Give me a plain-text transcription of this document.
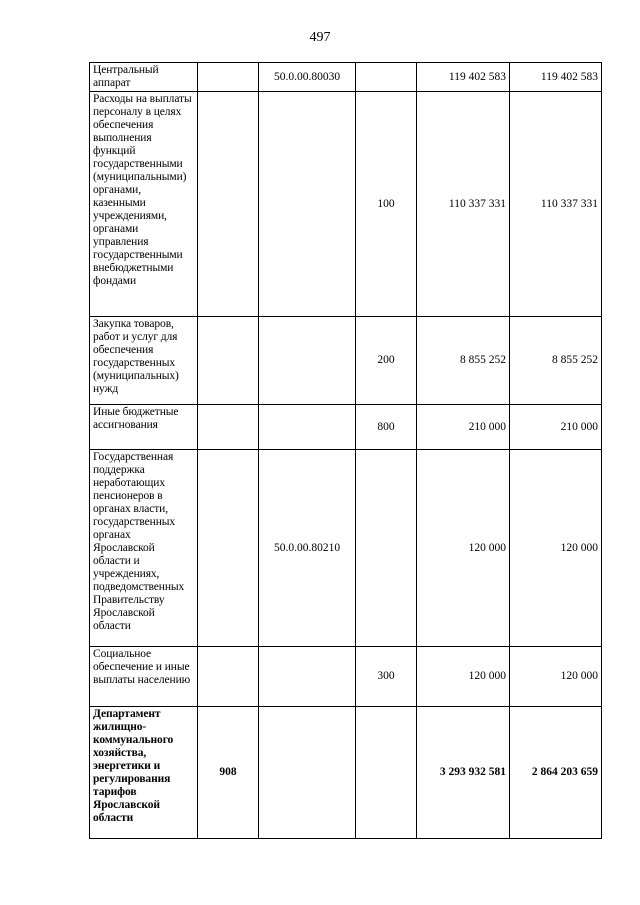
497
Центральный аппарат		50.0.00.80030		119 402 583	119 402 583
Расходы на выплаты персоналу в целях обеспечения выполнения функций государственными (муниципальными) органами, казенными учреждениями, органами управления государственными внебюджетными фондами			100	110 337 331	110 337 331
Закупка товаров, работ и услуг для обеспечения государственных (муниципальных) нужд			200	8 855 252	8 855 252
Иные бюджетные ассигнования			800	210 000	210 000
Государственная поддержка неработающих пенсионеров в органах власти, государственных органах Ярославской области и учреждениях, подведомственных Правительству Ярославской области		50.0.00.80210		120 000	120 000
Социальное обеспечение и иные выплаты населению			300	120 000	120 000
Департамент жилищно-коммунального хозяйства, энергетики и регулирования тарифов Ярославской области	908			3 293 932 581	2 864 203 659
